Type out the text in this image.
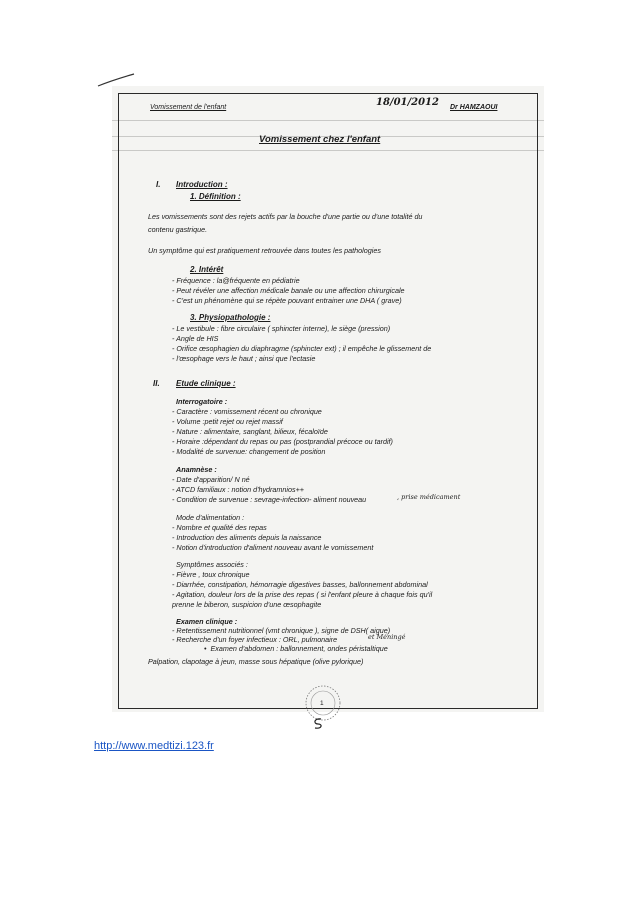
Vomissement de l'enfant	18/01/2012 Dr HAMZAOUI
Vomissement chez l'enfant
I. Introduction :
1. Définition :
Les vomissements sont des rejets actifs par la bouche d'une partie ou d'une totalité du
contenu gastrique.
Un symptôme qui est pratiquement retrouvée dans toutes les pathologies
2. Intérêt
- Fréquence : la@fréquente en pédiatrie
- Peut révéler une affection médicale banale ou une affection chirurgicale
- C'est un phénomène qui se répète pouvant entrainer une DHA ( grave)
3. Physiopathologie :
- Le vestibule : fibre circulaire ( sphincter interne), le siège (pression)
- Angle de HIS
- Orifice œsophagien du diaphragme (sphincter ext) ; il empêche le glissement de
- l'œsophage vers le haut ; ainsi que l'ectasie
II. Etude clinique :
Interrogatoire :
- Caractère : vomissement récent ou chronique
- Volume :petit rejet ou rejet massif
- Nature : alimentaire, sanglant, bilieux, fécaloïde
- Horaire :dépendant du repas ou pas (postprandial précoce ou tardif)
- Modalité de survenue: changement de position
Anamnèse :
- Date d'apparition/ N né
- ATCD familiaux : notion d'hydramnios++
- Condition de survenue : sevrage-infection- aliment nouveau	, prise médicament
Mode d'alimentation :
- Nombre et qualité des repas
- Introduction des aliments depuis la naissance
- Notion d'introduction d'aliment nouveau avant le vomissement
Symptômes associés :
- Fièvre , toux chronique
- Diarrhée, constipation, hémorragie digestives basses, ballonnement abdominal
- Agitation, douleur lors de la prise des repas ( si l'enfant pleure à chaque fois qu'il
prenne le biberon, suspicion d'une œsophagite
Examen clinique :
- Retentissement nutritionnel (vmt chronique ), signe de DSH( aigue)
- Recherche d'un foyer infectieux : ORL, pulmonaire	et Méningé
•  Examen d'abdomen : ballonnement, ondes péristaltique
Palpation, clapotage à jeun, masse sous hépatique (olive pylorique)
1
http://www.medtizi.123.fr
